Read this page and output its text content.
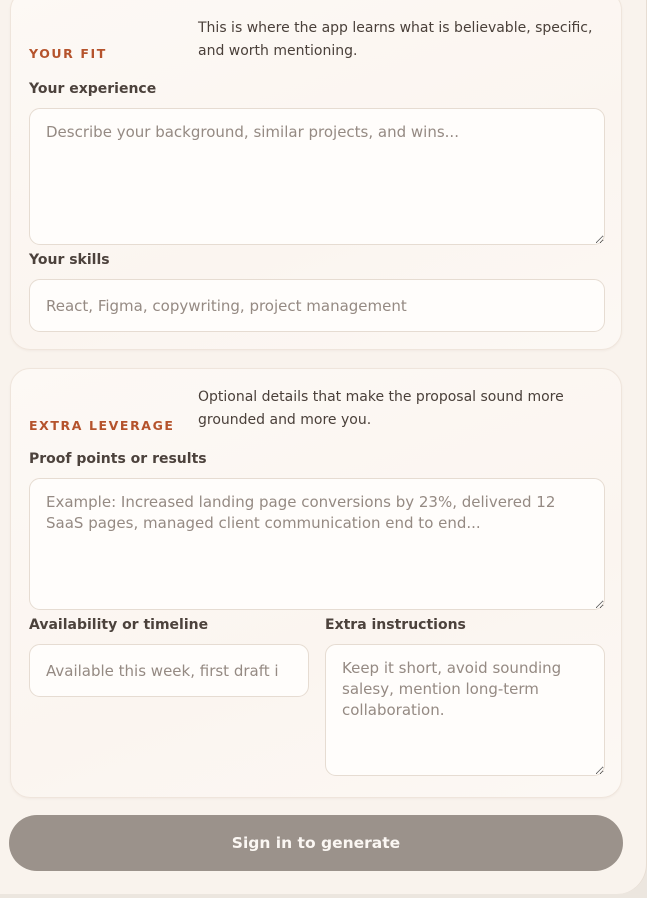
YOUR FIT
This is where the app learns what is believable, specific, and worth mentioning.
Your experience
Describe your background, similar projects, and wins...
Your skills
React, Figma, copywriting, project management
EXTRA LEVERAGE
Optional details that make the proposal sound more grounded and more you.
Proof points or results
Example: Increased landing page conversions by 23%, delivered 12 SaaS pages, managed client communication end to end...
Availability or timeline
Available this week, first draft i	Extra instructions
Keep it short, avoid sounding salesy, mention long-term collaboration.
Sign in to generate
